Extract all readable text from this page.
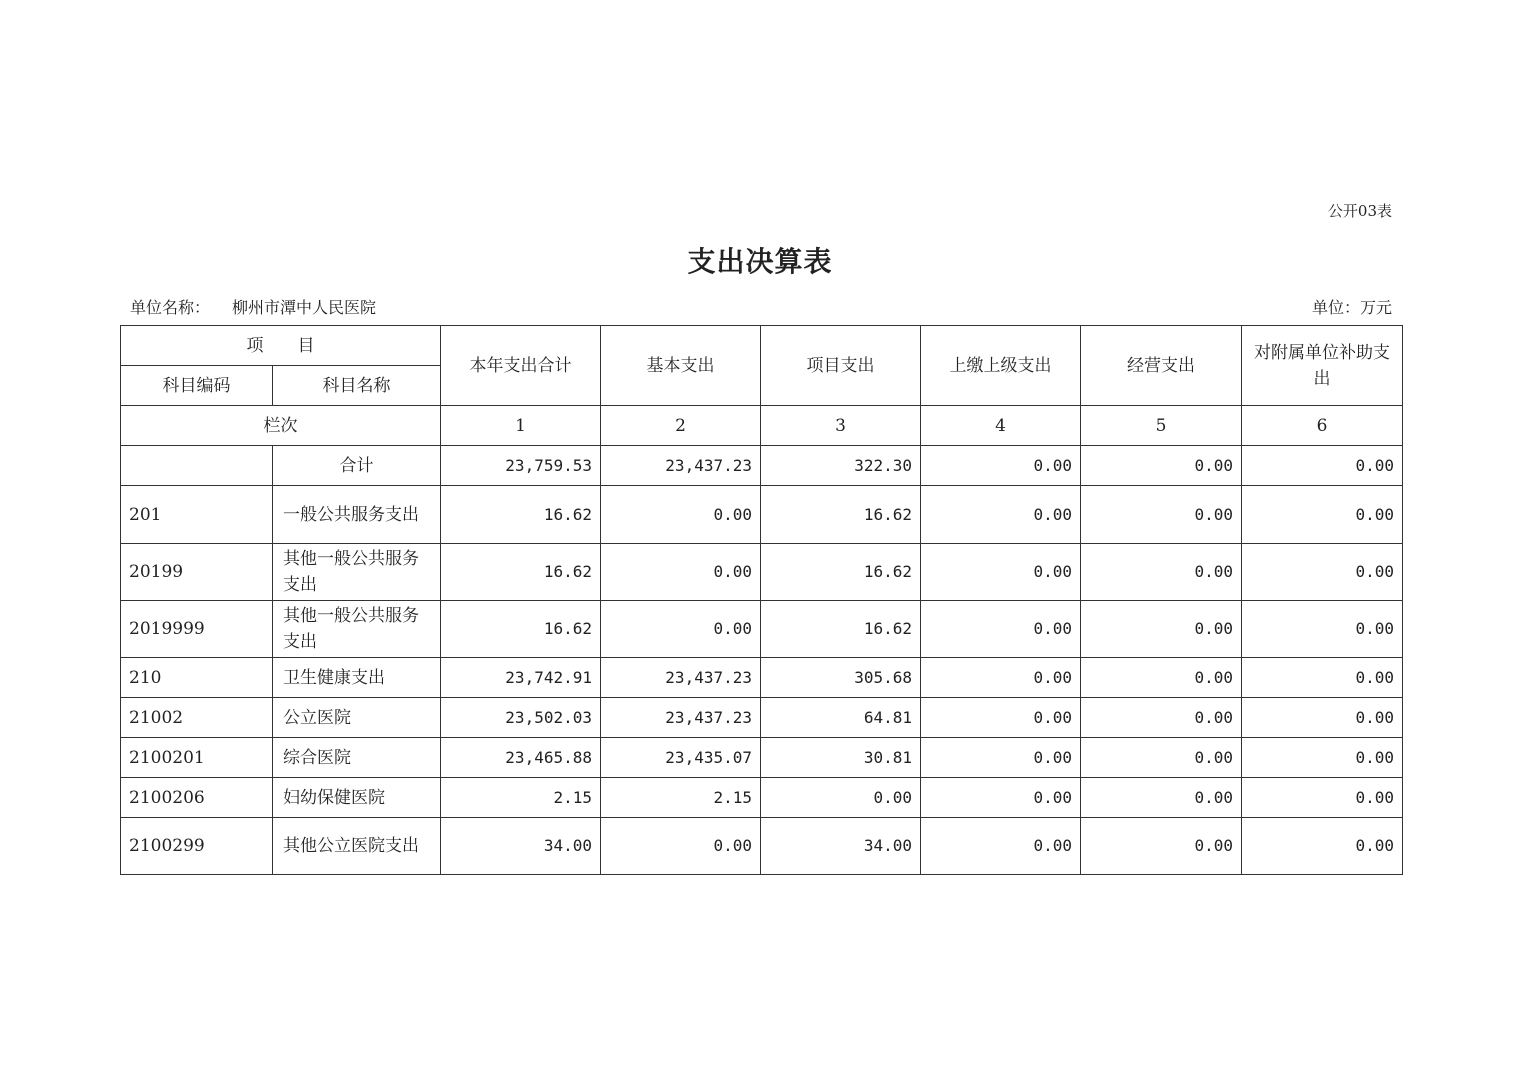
公开03表
支出决算表
单位名称： 柳州市潭中人民医院	单位：万元
项　　目		本年支出合计	基本支出	项目支出	上缴上级支出	经营支出	对附属单位补助支出
科目编码	科目名称						
栏次		1	2	3	4	5	6
	合计	23,759.53	23,437.23	322.30	0.00	0.00	0.00
201	一般公共服务支出	16.62	0.00	16.62	0.00	0.00	0.00
20199	其他一般公共服务支出	16.62	0.00	16.62	0.00	0.00	0.00
2019999	其他一般公共服务支出	16.62	0.00	16.62	0.00	0.00	0.00
210	卫生健康支出	23,742.91	23,437.23	305.68	0.00	0.00	0.00
21002	公立医院	23,502.03	23,437.23	64.81	0.00	0.00	0.00
2100201	综合医院	23,465.88	23,435.07	30.81	0.00	0.00	0.00
2100206	妇幼保健医院	2.15	2.15	0.00	0.00	0.00	0.00
2100299	其他公立医院支出	34.00	0.00	34.00	0.00	0.00	0.00
